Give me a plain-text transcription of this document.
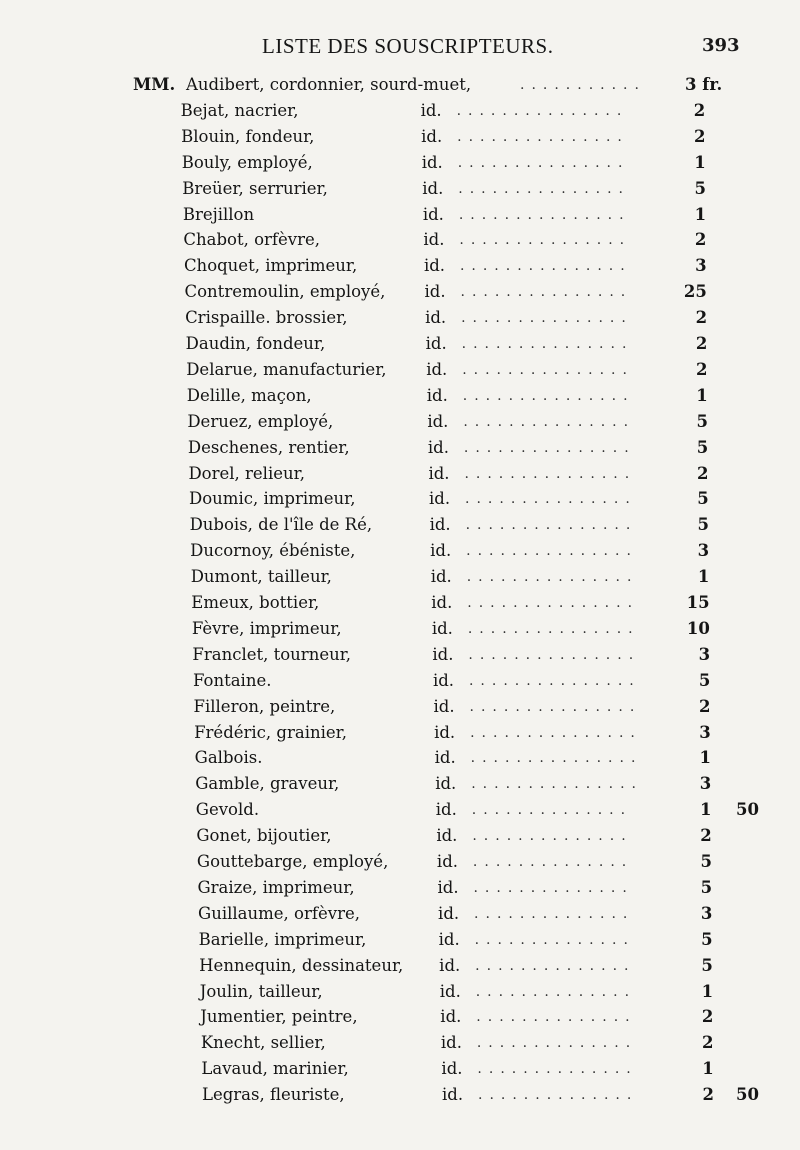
LISTE DES SOUSCRIPTEURS.	393
MM. Audibert, cordonnier, sourd-muet,	........... 3 fr.
Bejat, nacrier,	id. ...............	2
Blouin, fondeur,	id. ...............	2
Bouly, employé,	id. ...............	1
Breüer, serrurier,	id. ...............	5
Brejillon	id. ...............	1
Chabot, orfèvre,	id. ...............	2
Choquet, imprimeur,	id. ...............	3
Contremoulin, employé, id. ...............	25
Crispaille. brossier,	id. ...............	2
Daudin, fondeur,	id. ...............	2
Delarue, manufacturier, id. ...............	2
Delille, maçon,	id. ...............	1
Deruez, employé,	id. ...............	5
Deschenes, rentier,	id. ...............	5
Dorel, relieur,	id. ...............	2
Doumic, imprimeur,	id. ...............	5
Dubois, de l'île de Ré,	id. ...............	5
Ducornoy, ébéniste,	id. ...............	3
Dumont, tailleur,	id. ...............	1
Emeux, bottier,	id. ...............	15
Fèvre, imprimeur,	id. ...............	10
Franclet, tourneur,	id. ...............	3
Fontaine.	id. ...............	5
Filleron, peintre,	id. ...............	2
Frédéric, grainier,	id. ...............	3
Galbois.	id. ...............	1
Gamble, graveur,	id. ...............	3
Gevold.	id. ..............	1 50
Gonet, bijoutier,	id. ..............	2
Gouttebarge, employé,	id. ..............	5
Graize, imprimeur,	id. ..............	5
Guillaume, orfèvre,	id. ..............	3
Barielle, imprimeur,	id. ..............	5
Hennequin, dessinateur, id. ..............	5
Joulin, tailleur,	id. ..............	1
Jumentier, peintre,	id. ..............	2
Knecht, sellier,	id. ..............	2
Lavaud, marinier,	id. ..............	1
Legras, fleuriste,	id. ..............	2 50
